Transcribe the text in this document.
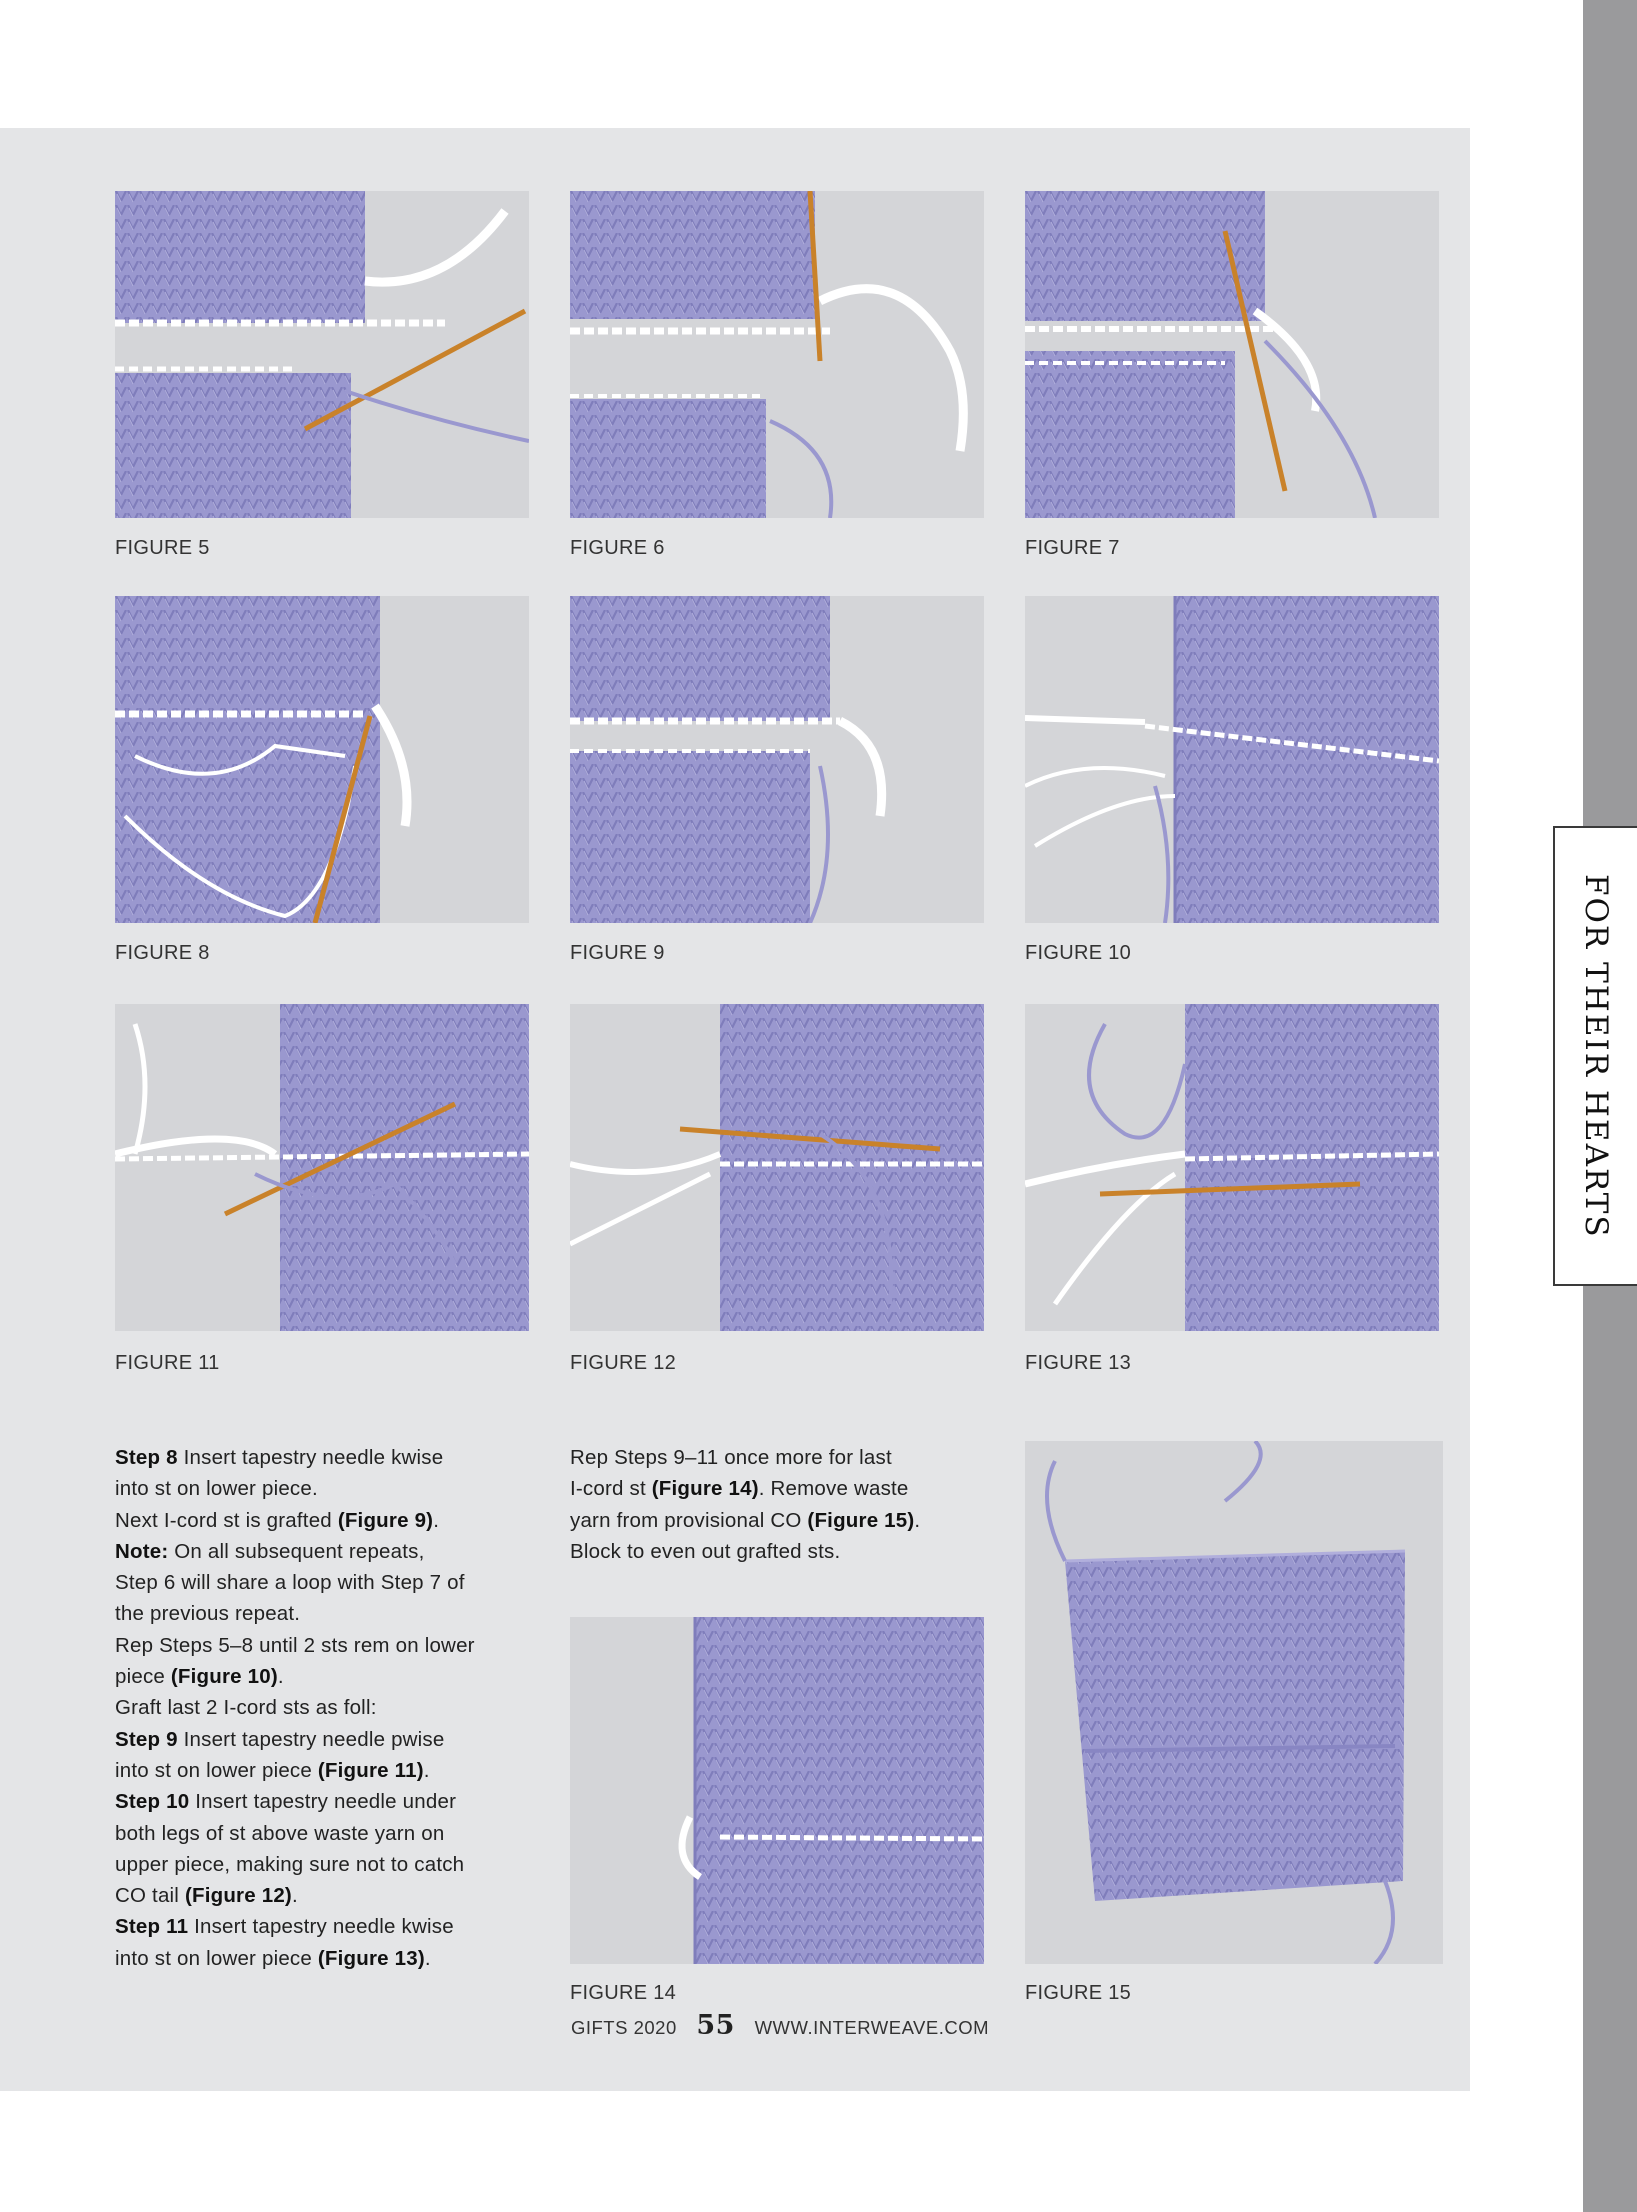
FOR THEIR HEARTS
FIGURE 5	FIGURE 6	FIGURE 7
FIGURE 8	FIGURE 9	FIGURE 10
FIGURE 11	FIGURE 12	FIGURE 13

Step 8 Insert tapestry needle kwise

into st on lower piece.

Next I-cord st is grafted (Figure 9).

Note: On all subsequent repeats,

Step 6 will share a loop with Step 7 of

the previous repeat.

Rep Steps 5–8 until 2 sts rem on lower

piece (Figure 10).

Graft last 2 I-cord sts as foll:

Step 9 Insert tapestry needle pwise

into st on lower piece (Figure 11).

Step 10 Insert tapestry needle under

both legs of st above waste yarn on

upper piece, making sure not to catch

CO tail (Figure 12).

Step 11 Insert tapestry needle kwise

into st on lower piece (Figure 13).

Rep Steps 9–11 once more for last

I-cord st (Figure 14). Remove waste

yarn from provisional CO (Figure 15).

Block to even out grafted sts.

FIGURE 14	FIGURE 15
GIFTS 2020 55 WWW.INTERWEAVE.COM
